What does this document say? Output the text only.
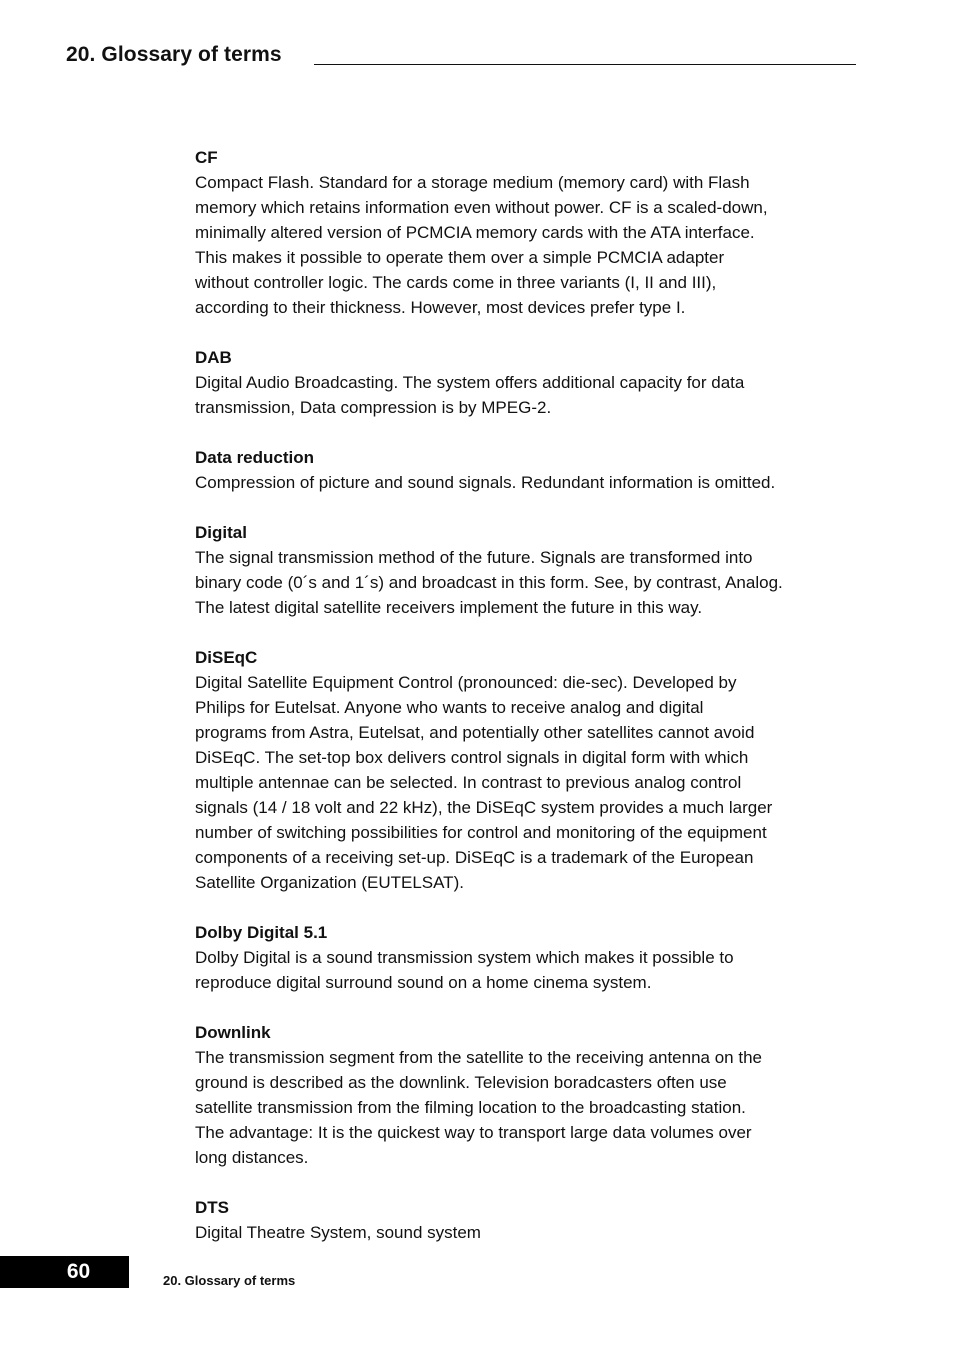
20. Glossary of terms

CF

Compact Flash. Standard for a storage medium (memory card) with Flash
memory which retains information even without power. CF is a scaled-down,
minimally altered version of PCMCIA memory cards with the ATA interface.
This makes it possible to operate them over a simple PCMCIA adapter
without controller logic. The cards come in three variants (I, II and III),
according to their thickness. However, most devices prefer type I.

DAB

Digital Audio Broadcasting. The system offers additional capacity for data
transmission, Data compression is by MPEG-2.

Data reduction

Compression of picture and sound signals. Redundant information is omitted.

Digital

The signal transmission method of the future. Signals are transformed into
binary code (0´s and 1´s) and broadcast in this form. See, by contrast, Analog.
The latest digital satellite receivers implement the future in this way.

DiSEqC

Digital Satellite Equipment Control (pronounced: die-sec). Developed by
Philips for Eutelsat. Anyone who wants to receive analog and digital
programs from Astra, Eutelsat, and potentially other satellites cannot avoid
DiSEqC. The set-top box delivers control signals in digital form with which
multiple antennae can be selected. In contrast to previous analog control
signals (14 / 18 volt and 22 kHz), the DiSEqC system provides a much larger
number of switching possibilities for control and monitoring of the equipment
components of a receiving set-up. DiSEqC is a trademark of the European
Satellite Organization (EUTELSAT).

Dolby Digital 5.1

Dolby Digital is a sound transmission system which makes it possible to
reproduce digital surround sound on a home cinema system.

Downlink

The transmission segment from the satellite to the receiving antenna on the
ground is described as the downlink. Television boradcasters often use
satellite transmission from the filming location to the broadcasting station.
The advantage: It is the quickest way to transport large data volumes over
long distances.

DTS

Digital Theatre System, sound system

60	20. Glossary of terms
